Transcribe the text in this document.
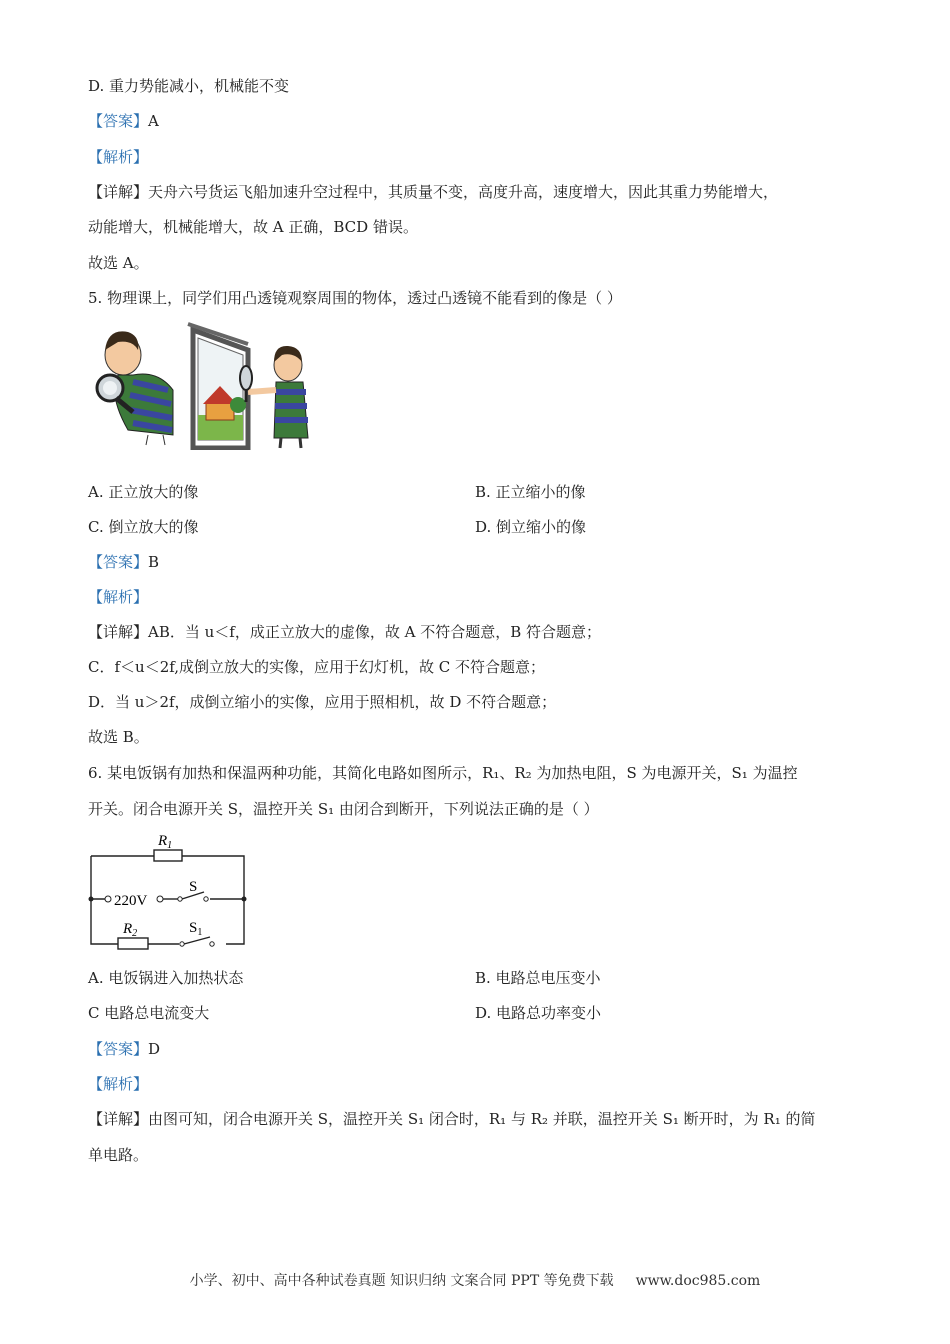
D. 重力势能减小，机械能不变
【答案】A
【解析】
【详解】天舟六号货运飞船加速升空过程中，其质量不变，高度升高，速度增大，因此其重力势能增大，
动能增大，机械能增大，故 A 正确，BCD 错误。
故选 A。
5. 物理课上，同学们用凸透镜观察周围的物体，透过凸透镜不能看到的像是（ ）
A. 正立放大的像	B. 正立缩小的像
C. 倒立放大的像	D. 倒立缩小的像
【答案】B
【解析】
【详解】AB．当 u＜f，成正立放大的虚像，故 A 不符合题意，B 符合题意；
C．f＜u＜2f,成倒立放大的实像，应用于幻灯机，故 C 不符合题意；
D．当 u＞2f，成倒立缩小的实像，应用于照相机，故 D 不符合题意；
故选 B。
6. 某电饭锅有加热和保温两种功能，其简化电路如图所示，R₁、R₂ 为加热电阻，S 为电源开关，S₁ 为温控
开关。闭合电源开关 S，温控开关 S₁ 由闭合到断开，下列说法正确的是（ ）
$R_1$
220V
S
$R_2$	$S_1$
A. 电饭锅进入加热状态	B. 电路总电压变小
C 电路总电流变大	D. 电路总功率变小
【答案】D
【解析】
【详解】由图可知，闭合电源开关 S，温控开关 S₁ 闭合时，R₁ 与 R₂ 并联，温控开关 S₁ 断开时，为 R₁ 的简
单电路。
小学、初中、高中各种试卷真题 知识归纳 文案合同 PPT 等免费下载 www.doc985.com
